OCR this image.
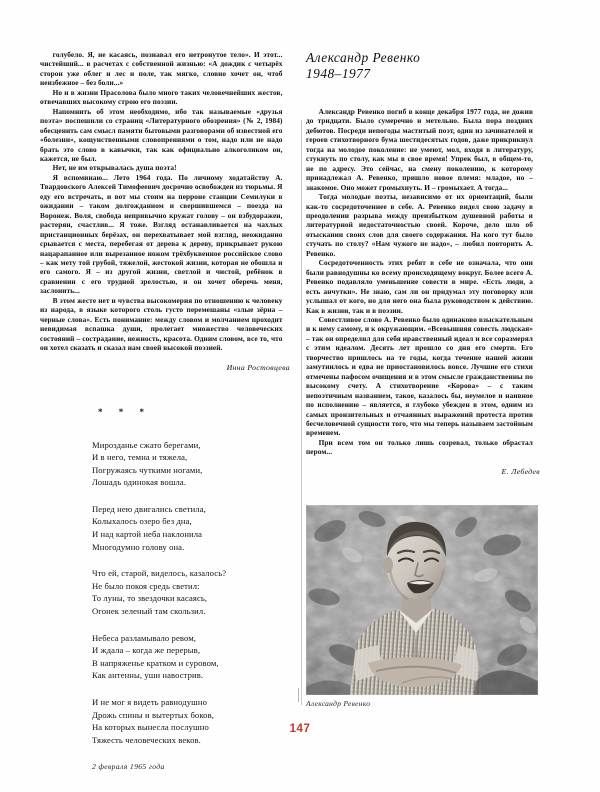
голубело. Я, не касаясь, познавал его нетронутое тело». И этот... чистейший... в расчетах с собственной жизнью: «А дождик с четырёх сторон уже облег и лес и поле, так мягко, словно хочет он, чтоб неизбежное – без боли...»

Но и в жизни Прасолова было много таких человечнейших жестов, отвечавших высокому строю его поэзии.

Напомнить об этом необходимо, ибо так называемые «друзья поэта» поспешили со страниц «Литературного обозрения» (№ 2, 1984) обесценить сам смысл памяти бытовыми разговорами об известной его «болезни», кощунственными словопрениями о том, надо или не надо брать это слово в кавычки, так как официально алкоголиком он, кажется, не был.

Нет, не им открывалась душа поэта!

Я вспоминаю... Лето 1964 года. По личному ходатайству А. Твардовского Алексей Тимофеевич досрочно освобожден из тюрьмы. Я еду его встречать, и вот мы стоим на перроне станции Семилуки в ожидании – таком долгожданном и свершившемся – поезда на Воронеж. Воля, свобода непривычно кружат голову – он взбудоражен, растерян, счастлив... Я тоже. Взгляд останавливается на чахлых пристанционных берёзах, он перехватывает мой взгляд, неожиданно срывается с места, перебегая от дерева к дереву, прикрывает рукою нацарапанное или вырезанное ножом трёхбуквенное российское слово – как мету той грубой, тяжелой, жестокой жизни, которая не обошла и его самого. Я – из другой жизни, светлой и чистой, ребёнок в сравнении с его трудной зрелостью, и он хочет оберечь меня, заслонить...

В этом жесте нет и чувства высокомерия по отношению к человеку из народа, в языке которого столь густо перемешаны «злые зёрна – черные слова». Есть понимание: между словом и молчанием проходит невидимая вспашка души, пролегает множество человеческих состояний – сострадание, нежность, красота. Одним словом, все то, что он хотел сказать и сказал нам своей высокой поэзией.

Инна Ростовцева
* * *
Мирозданье сжато берегами,
И в него, темна и тяжела,
Погружаясь чуткими ногами,
Лошадь одинокая вошла.
Перед нею двигались светила,
Колыхалось озеро без дна,
И над картой неба наклонила
Многодумно голову она.
Что ей, старой, виделось, казалось?
Не было покоя средь светил:
То луны, то звездочки касаясь,
Огонек зеленый там скользил.
Небеса разламывало ревом,
И ждала – когда же перерыв,
В напряженье кратком и суровом,
Как антенны, уши навострив.
И не мог я видеть равнодушно
Дрожь спины и вытертых боков,
На которых вынесла послушно
Тяжесть человеческих веков.
2 февраля 1965 года
Александр Ревенко
1948–1977

Александр Ревенко погиб в конце декабря 1977 года, не дожив до тридцати. Было сумеречно и метельно. Была пора поздних дебютов. Посреди непогоды маститый поэт, один из зачинателей и героев стихотворного бума шестидесятых годов, даже прикрикнул тогда на молодое поколение: не умеют, мол, входя в литературу, стукнуть по столу, как мы в свое время! Упрек был, в общем-то, не по адресу. Это сейчас, на смену поколению, к которому принадлежал А. Ревенко, пришло новое племя: младое, но – знакомое. Оно может громыхнуть. И – громыхает. А тогда...

Тогда молодые поэты, независимо от их ориентаций, были как-то сосредоточеннее в себе. А. Ревенко видел свою задачу в преодолении разрыва между преизбытком душевной работы и литературной недостаточностью своей. Короче, дело шло об отыскании своих слов для своего содержания. На кого тут было стучать по столу? «Нам чужого не надо», – любил повторить А. Ревенко.

Сосредоточенность этих ребят в себе не означала, что они были равнодушны ко всему происходящему вокруг. Более всего А. Ревенко подавляло уменьшение совести в мире. «Есть люди, а есть анчутки». Не знаю, сам ли он придумал эту поговорку или услышал от кого, но для него она была руководством к действию. Как в жизни, так и в поэзии.

Совестливое слово А. Ревенко было одинаково взыскательным и к нему самому, и к окружающим. «Всевышняя совесть людская» – так он определил для себя нравственный идеал и все соразмерял с этим идеалом. Десять лет прошло со дня его смерти. Его творчество пришлось на те годы, когда течение нашей жизни замутнилось и едва не приостановилось вовсе. Лучшие его стихи отмечены пафосом очищения и в этом смысле гражданственны по высокому счету. А стихотворение «Корова» – с таким непоэтичным названием, такое, казалось бы, неумелое и наивное по исполнению – является, я глубоко убежден в этом, одним из самых пронзительных и отчаянных выражений протеста против бесчеловечной сущности того, что мы теперь называем застойным временем.

При всем том он только лишь созревал, только обрастал пером...

Е. Лебедев
Александр Ревенко
147
